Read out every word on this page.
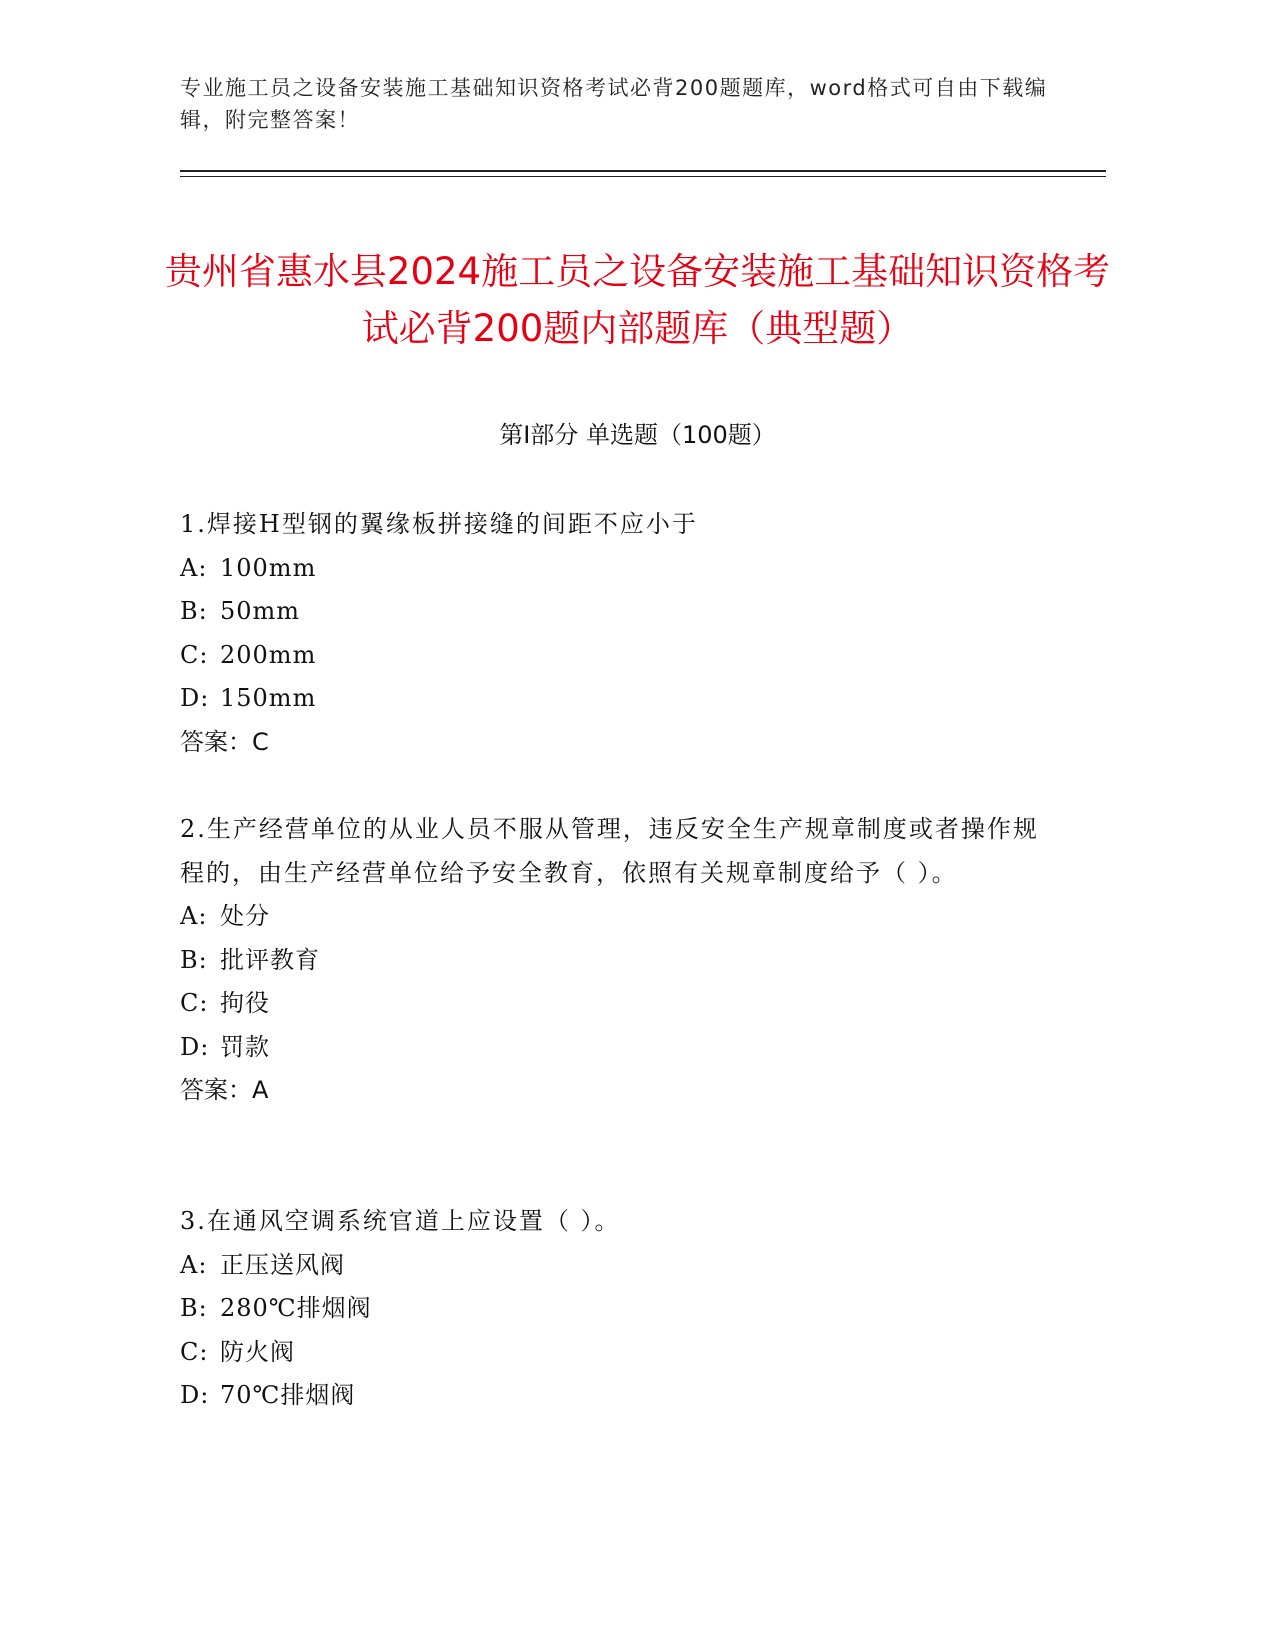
专业施工员之设备安装施工基础知识资格考试必背200题题库，word格式可自由下载编辑，附完整答案！
贵州省惠水县2024施工员之设备安装施工基础知识资格考试必背200题内部题库（典型题）
第I部分 单选题（100题）

1.焊接H型钢的翼缘板拼接缝的间距不应小于

A: 100mm

B: 50mm

C: 200mm

D: 150mm

答案：C

2.生产经营单位的从业人员不服从管理，违反安全生产规章制度或者操作规程的，由生产经营单位给予安全教育，依照有关规章制度给予（ ）。

A: 处分

B: 批评教育

C: 拘役

D: 罚款

答案：A

3.在通风空调系统官道上应设置（ ）。

A: 正压送风阀

B: 280℃排烟阀

C: 防火阀

D: 70℃排烟阀
